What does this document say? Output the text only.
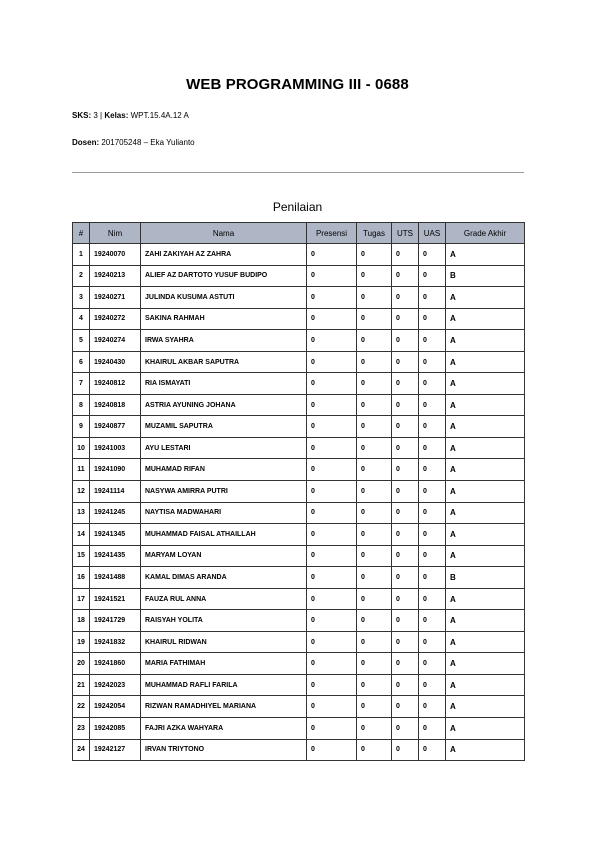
WEB PROGRAMMING III - 0688
SKS: 3 | Kelas: WPT.15.4A.12 A
Dosen: 201705248 – Eka Yulianto
Penilaian
#	Nim	Nama	Presensi	Tugas	UTS	UAS	Grade Akhir
1	19240070	ZAHI ZAKIYAH AZ ZAHRA	0	0	0	0	A
2	19240213	ALIEF AZ DARTOTO YUSUF BUDIPO	0	0	0	0	B
3	19240271	JULINDA KUSUMA ASTUTI	0	0	0	0	A
4	19240272	SAKINA RAHMAH	0	0	0	0	A
5	19240274	IRWA SYAHRA	0	0	0	0	A
6	19240430	KHAIRUL AKBAR SAPUTRA	0	0	0	0	A
7	19240812	RIA ISMAYATI	0	0	0	0	A
8	19240818	ASTRIA AYUNING JOHANA	0	0	0	0	A
9	19240877	MUZAMIL SAPUTRA	0	0	0	0	A
10	19241003	AYU LESTARI	0	0	0	0	A
11	19241090	MUHAMAD RIFAN	0	0	0	0	A
12	19241114	NASYWA AMIRRA PUTRI	0	0	0	0	A
13	19241245	NAYTISA MADWAHARI	0	0	0	0	A
14	19241345	MUHAMMAD FAISAL ATHAILLAH	0	0	0	0	A
15	19241435	MARYAM LOYAN	0	0	0	0	A
16	19241488	KAMAL DIMAS ARANDA	0	0	0	0	B
17	19241521	FAUZA RUL ANNA	0	0	0	0	A
18	19241729	RAISYAH YOLITA	0	0	0	0	A
19	19241832	KHAIRUL RIDWAN	0	0	0	0	A
20	19241860	MARIA FATHIMAH	0	0	0	0	A
21	19242023	MUHAMMAD RAFLI FARILA	0	0	0	0	A
22	19242054	RIZWAN RAMADHIYEL MARIANA	0	0	0	0	A
23	19242085	FAJRI AZKA WAHYARA	0	0	0	0	A
24	19242127	IRVAN TRIYTONO	0	0	0	0	A
